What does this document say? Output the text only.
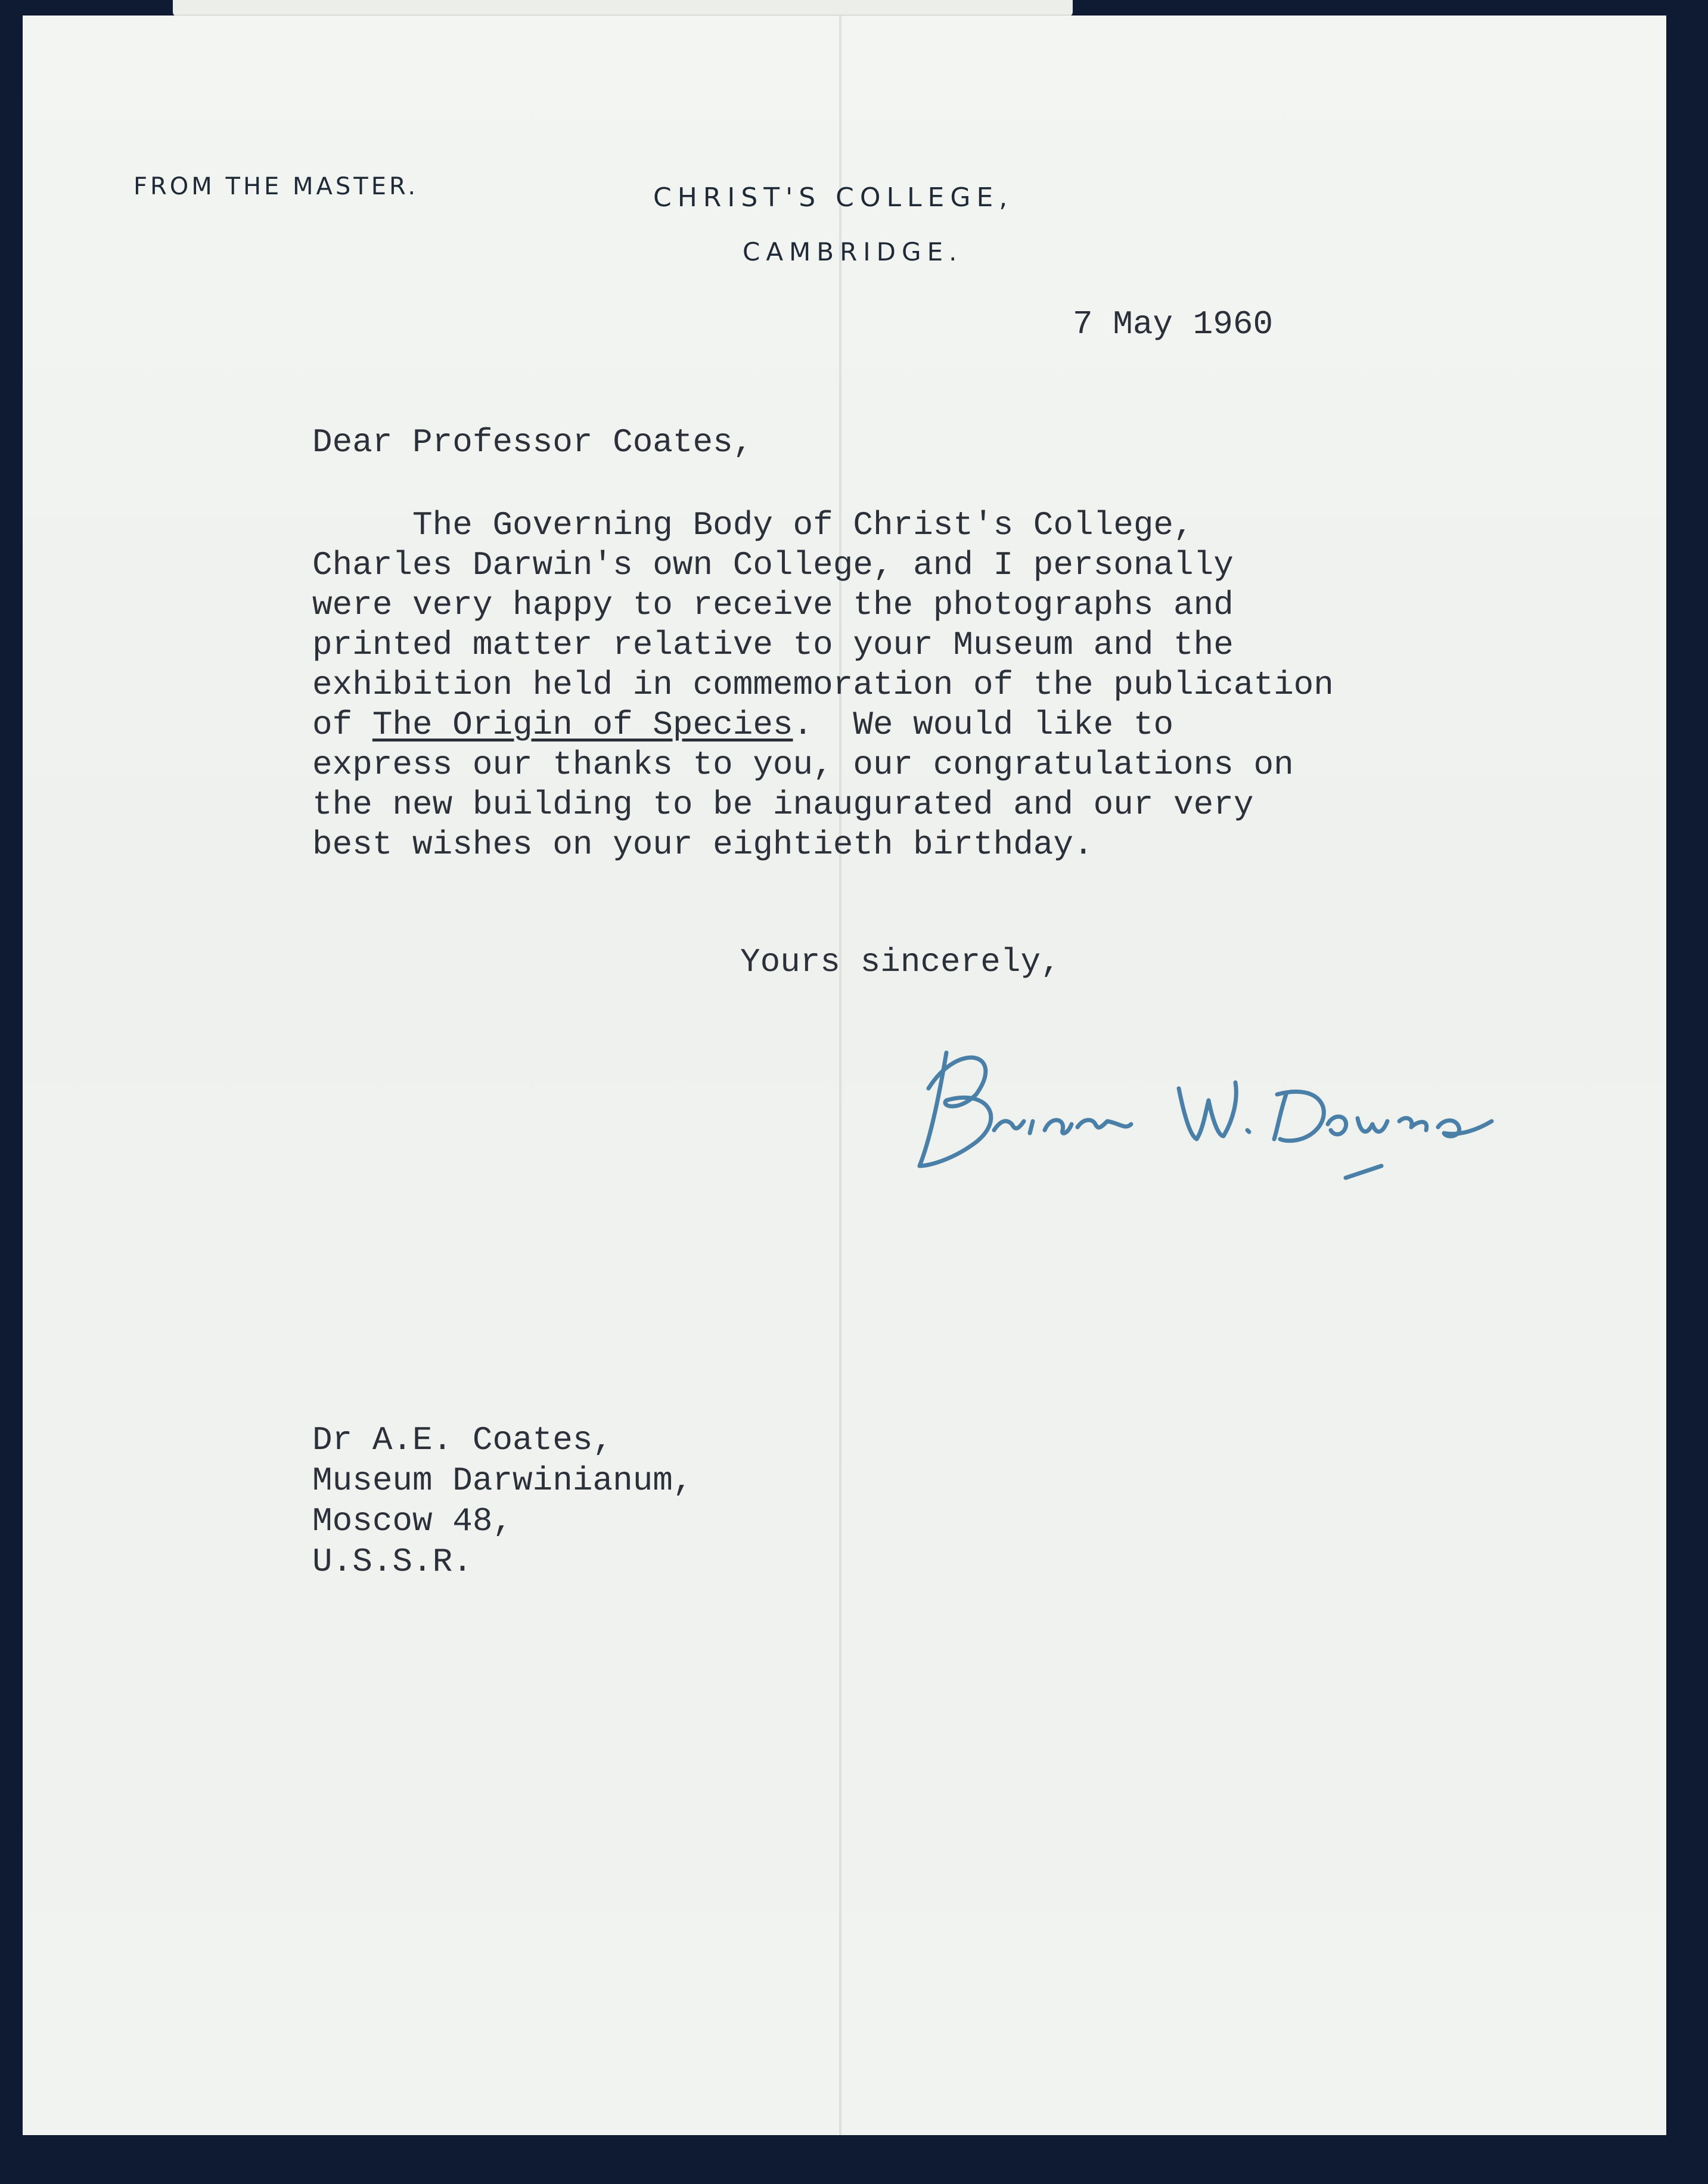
FROM THE MASTER.	CHRIST'S COLLEGE,
CAMBRIDGE.
7 May 1960
Dear Professor Coates,
The Governing Body of Christ's College,
Charles Darwin's own College, and I personally
were very happy to receive the photographs and
printed matter relative to your Museum and the
exhibition held in commemoration of the publication
of The Origin of Species.  We would like to
express our thanks to you, our congratulations on
the new building to be inaugurated and our very
best wishes on your eightieth birthday.
Yours sincerely,
Dr A.E. Coates,
Museum Darwinianum,
Moscow 48,
U.S.S.R.
